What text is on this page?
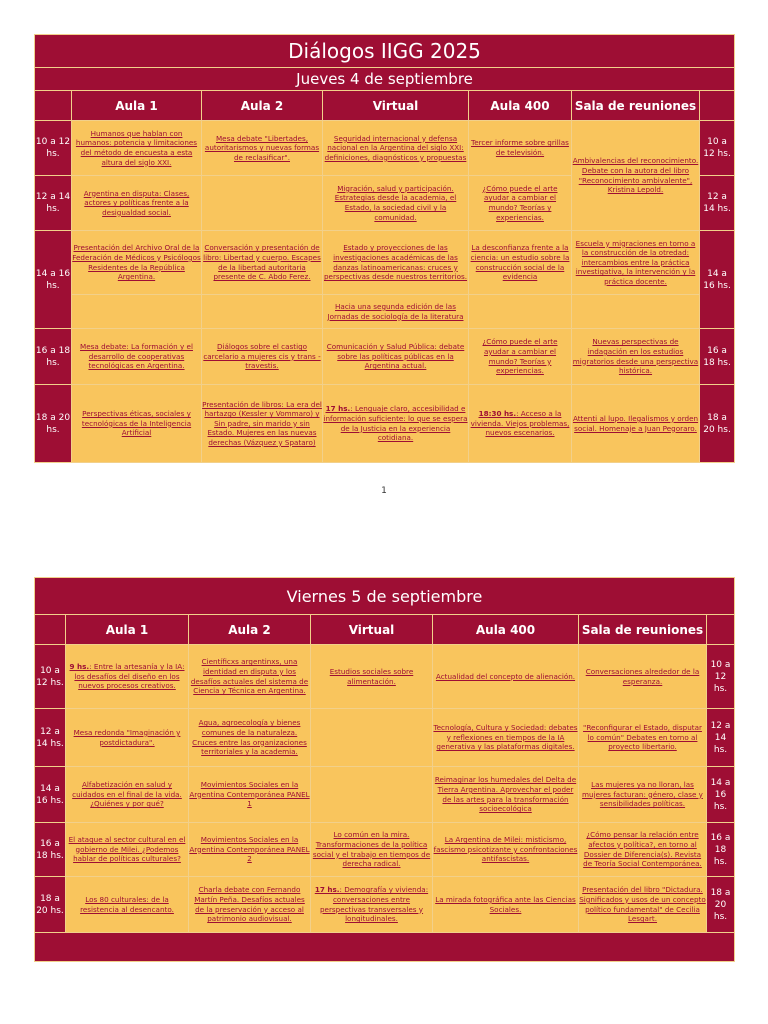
Diálogos IIGG 2025						
Jueves 4 de septiembre						
	Aula 1	Aula 2	Virtual	Aula 400	Sala de reuniones	
10 a 12 hs.	Humanos que hablan con humanos: potencia y limitaciones del método de encuesta a esta altura del siglo XXI.	Mesa debate "Libertades, autoritarismos y nuevas formas de reclasificar".	Seguridad internacional y defensa nacional en la Argentina del siglo XXI: definiciones, diagnósticos y propuestas	Tercer informe sobre grillas de televisión.	Ambivalencias del reconocimiento. Debate con la autora del libro "Reconocimiento ambivalente", Kristina Lepold.	10 a 12 hs.
12 a 14 hs.	Argentina en disputa: Clases, actores y políticas frente a la desigualdad social.		Migración, salud y participación. Estrategias desde la academia, el Estado, la sociedad civil y la comunidad.	¿Cómo puede el arte ayudar a cambiar el mundo? Teorías y experiencias.		12 a 14 hs.
14 a 16 hs.	Presentación del Archivo Oral de la Federación de Médicos y Psicólogos Residentes de la República Argentina.	Conversación y presentación de libro: Libertad y cuerpo. Escapes de la libertad autoritaria presente de C. Abdo Ferez.	Estado y proyecciones de las investigaciones académicas de las danzas latinoamericanas: cruces y perspectivas desde nuestros territorios.	La desconfianza frente a la ciencia: un estudio sobre la construcción social de la evidencia	Escuela y migraciones en torno a la construcción de la otredad: intercambios entre la práctica investigativa, la intervención y la práctica docente.	14 a 16 hs.
			Hacia una segunda edición de las Jornadas de sociología de la literatura			
16 a 18 hs.	Mesa debate: La formación y el desarrollo de cooperativas tecnológicas en Argentina.	Diálogos sobre el castigo carcelario a mujeres cis y trans - travestis.	Comunicación y Salud Pública: debate sobre las políticas públicas en la Argentina actual.	¿Cómo puede el arte ayudar a cambiar el mundo? Teorías y experiencias.	Nuevas perspectivas de indagación en los estudios migratorios desde una perspectiva histórica.	16 a 18 hs.
18 a 20 hs.	Perspectivas éticas, sociales y tecnológicas de la Inteligencia Artificial	Presentación de libros: La era del hartazgo (Kessler y Vommaro) y Sin padre, sin marido y sin Estado. Mujeres en las nuevas derechas (Vázquez y Spataro)	17 hs.: Lenguaje claro, accesibilidad e información suficiente: lo que se espera de la Justicia en la experiencia cotidiana.	18:30 hs.: Acceso a la vivienda. Viejos problemas, nuevos escenarios.	Attenti al lupo. Ilegalismos y orden social. Homenaje a Juan Pegoraro.	18 a 20 hs.
1
Viernes 5 de septiembre						
	Aula 1	Aula 2	Virtual	Aula 400	Sala de reuniones	
10 a 12 hs.	9 hs.: Entre la artesanía y la IA: los desafíos del diseño en los nuevos procesos creativos.	Científicxs argentinxs, una identidad en disputa y los desafíos actuales del sistema de Ciencia y Técnica en Argentina.	Estudios sociales sobre alimentación.	Actualidad del concepto de alienación.	Conversaciones alrededor de la esperanza.	10 a 12 hs.
12 a 14 hs.	Mesa redonda "Imaginación y postdictadura".	Agua, agroecología y bienes comunes de la naturaleza. Cruces entre las organizaciones territoriales y la academia.		Tecnología, Cultura y Sociedad: debates y reflexiones en tiempos de la IA generativa y las plataformas digitales.	"Reconfigurar el Estado, disputar lo común" Debates en torno al proyecto libertario.	12 a 14 hs.
14 a 16 hs.	Alfabetización en salud y cuidados en el final de la vida. ¿Quiénes y por qué?	Movimientos Sociales en la Argentina Contemporánea PANEL 1		Reimaginar los humedales del Delta de Tierra Argentina. Aprovechar el poder de las artes para la transformación socioecológica	Las mujeres ya no lloran, las mujeres facturan: género, clase y sensibilidades políticas.	14 a 16 hs.
16 a 18 hs.	El ataque al sector cultural en el gobierno de Milei. ¿Podemos hablar de políticas culturales?	Movimientos Sociales en la Argentina Contemporánea PANEL 2	Lo común en la mira. Transformaciones de la política social y el trabajo en tiempos de derecha radical.	La Argentina de Milei: misticismo, fascismo psicotizante y confrontaciones antifascistas.	¿Cómo pensar la relación entre afectos y política?, en torno al Dossier de Diferencia(s). Revista de Teoría Social Contemporánea.	16 a 18 hs.
18 a 20 hs.	Los 80 culturales: de la resistencia al desencanto.	Charla debate con Fernando Martín Peña. Desafíos actuales de la preservación y acceso al patrimonio audiovisual.	17 hs.: Demografía y vivienda: conversaciones entre perspectivas transversales y longitudinales.	La mirada fotográfica ante las Ciencias Sociales.	Presentación del libro "Dictadura. Significados y usos de un concepto político fundamental" de Cecilia Lesgart.	18 a 20 hs.
